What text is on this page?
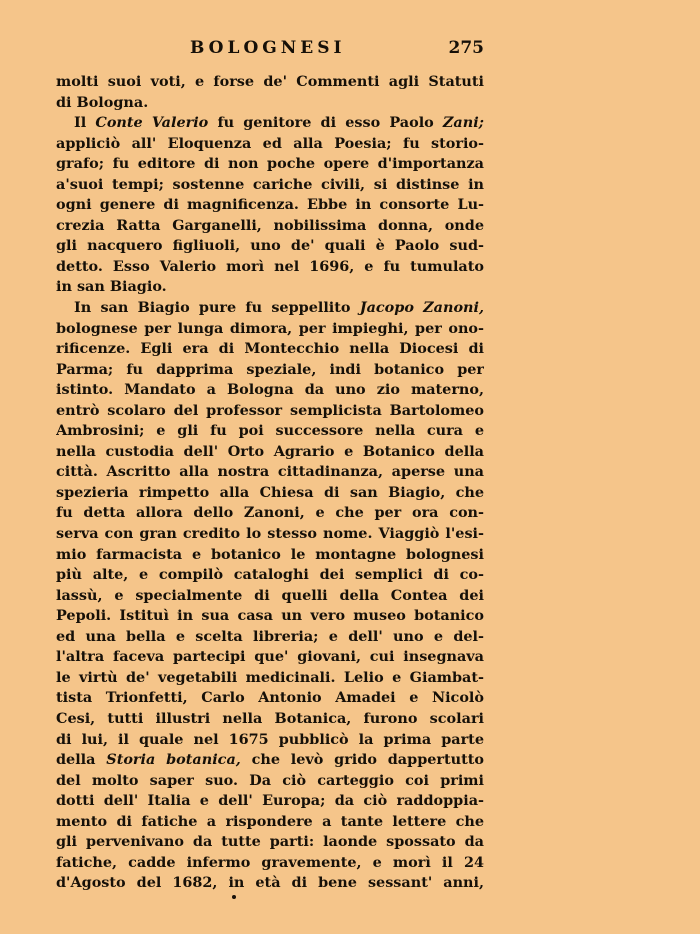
BOLOGNESI	275
molti suoi voti, e forse de' Commenti agli Statuti
di Bologna.
Il Conte Valerio fu genitore di esso Paolo Zani;
appliciò all' Eloquenza ed alla Poesia; fu storio-
grafo; fu editore di non poche opere d'importanza
a'suoi tempi; sostenne cariche civili, si distinse in
ogni genere di magnificenza. Ebbe in consorte Lu-
crezia Ratta Garganelli, nobilissima donna, onde
gli nacquero figliuoli, uno de' quali è Paolo sud-
detto. Esso Valerio morì nel 1696, e fu tumulato
in san Biagio.
In san Biagio pure fu seppellito Jacopo Zanoni,
bolognese per lunga dimora, per impieghi, per ono-
rificenze. Egli era di Montecchio nella Diocesi di
Parma; fu dapprima speziale, indi botanico per
istinto. Mandato a Bologna da uno zio materno,
entrò scolaro del professor semplicista Bartolomeo
Ambrosini; e gli fu poi successore nella cura e
nella custodia dell' Orto Agrario e Botanico della
città. Ascritto alla nostra cittadinanza, aperse una
spezieria rimpetto alla Chiesa di san Biagio, che
fu detta allora dello Zanoni, e che per ora con-
serva con gran credito lo stesso nome. Viaggiò l'esi-
mio farmacista e botanico le montagne bolognesi
più alte, e compilò cataloghi dei semplici di co-
lassù, e specialmente di quelli della Contea dei
Pepoli. Istituì in sua casa un vero museo botanico
ed una bella e scelta libreria; e dell' uno e del-
l'altra faceva partecipi que' giovani, cui insegnava
le virtù de' vegetabili medicinali. Lelio e Giambat-
tista Trionfetti, Carlo Antonio Amadei e Nicolò
Cesi, tutti illustri nella Botanica, furono scolari
di lui, il quale nel 1675 pubblicò la prima parte
della Storia botanica, che levò grido dappertutto
del molto saper suo. Da ciò carteggio coi primi
dotti dell' Italia e dell' Europa; da ciò raddoppia-
mento di fatiche a rispondere a tante lettere che
gli pervenivano da tutte parti: laonde spossato da
fatiche, cadde infermo gravemente, e morì il 24
d'Agosto del 1682, in età di bene sessant' anni,
